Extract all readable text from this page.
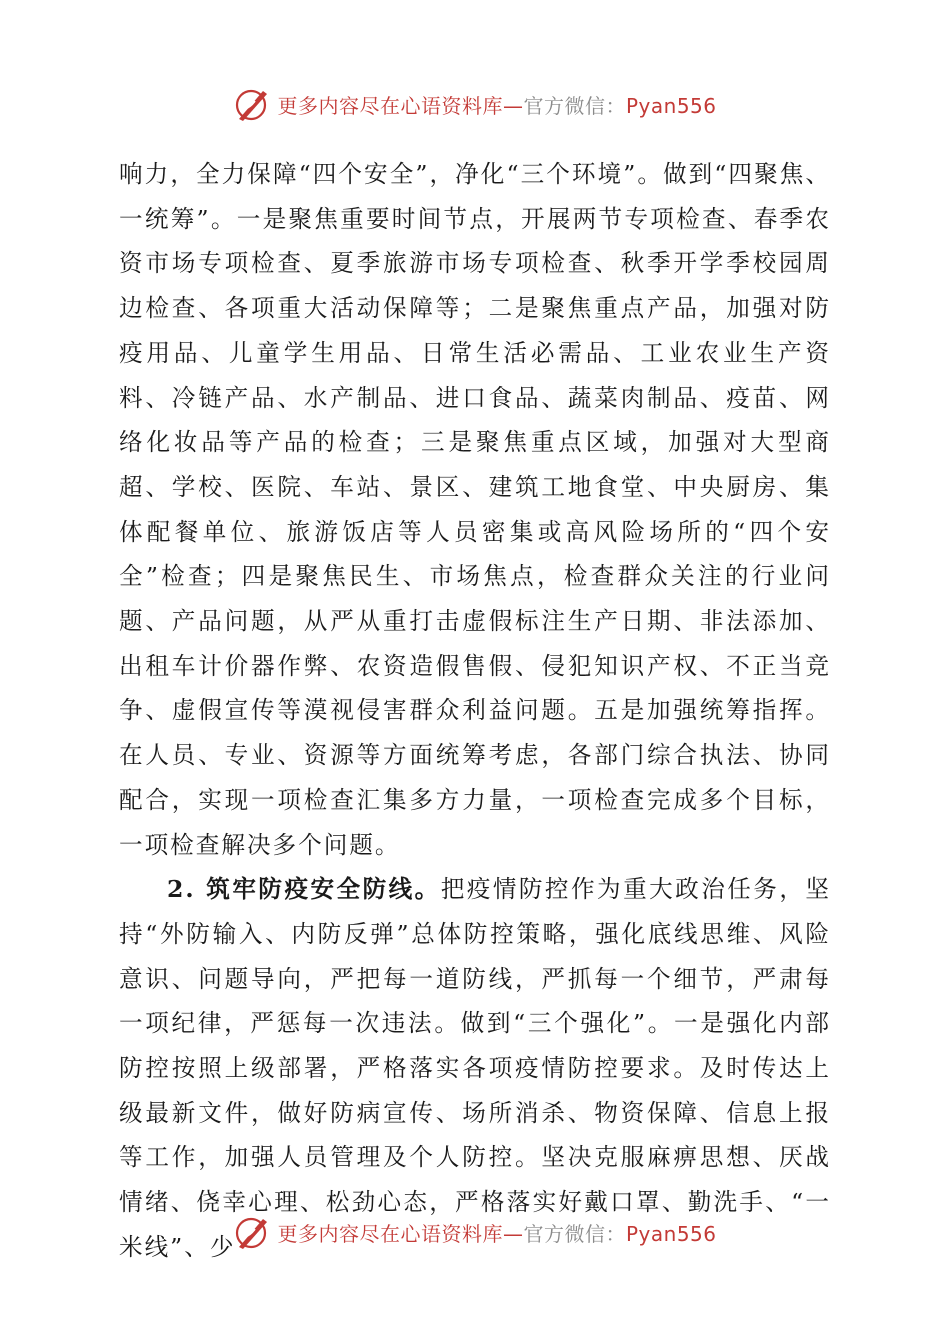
更多内容尽在心语资料库—官方微信：Pyan556

响力，全力保障“四个安全”，净化“三个环境”。做到“四聚焦、一统筹”。一是聚焦重要时间节点，开展两节专项检查、春季农资市场专项检查、夏季旅游市场专项检查、秋季开学季校园周边检查、各项重大活动保障等；二是聚焦重点产品，加强对防疫用品、儿童学生用品、日常生活必需品、工业农业生产资料、冷链产品、水产制品、进口食品、蔬菜肉制品、疫苗、网络化妆品等产品的检查；三是聚焦重点区域，加强对大型商超、学校、医院、车站、景区、建筑工地食堂、中央厨房、集体配餐单位、旅游饭店等人员密集或高风险场所的“四个安全”检查；四是聚焦民生、市场焦点，检查群众关注的行业问题、产品问题，从严从重打击虚假标注生产日期、非法添加、出租车计价器作弊、农资造假售假、侵犯知识产权、不正当竞争、虚假宣传等漠视侵害群众利益问题。五是加强统筹指挥。在人员、专业、资源等方面统筹考虑，各部门综合执法、协同配合，实现一项检查汇集多方力量，一项检查完成多个目标，一项检查解决多个问题。

2. 筑牢防疫安全防线。把疫情防控作为重大政治任务，坚持“外防输入、内防反弹”总体防控策略，强化底线思维、风险意识、问题导向，严把每一道防线，严抓每一个细节，严肃每一项纪律，严惩每一次违法。做到“三个强化”。一是强化内部防控按照上级部署，严格落实各项疫情防控要求。及时传达上级最新文件，做好防病宣传、场所消杀、物资保障、信息上报等工作，加强人员管理及个人防控。坚决克服麻痹思想、厌战情绪、侥幸心理、松劲心态，严格落实好戴口罩、勤洗手、“一米线”、少	更多内容尽在心语资料库—官方微信：Pyan556
